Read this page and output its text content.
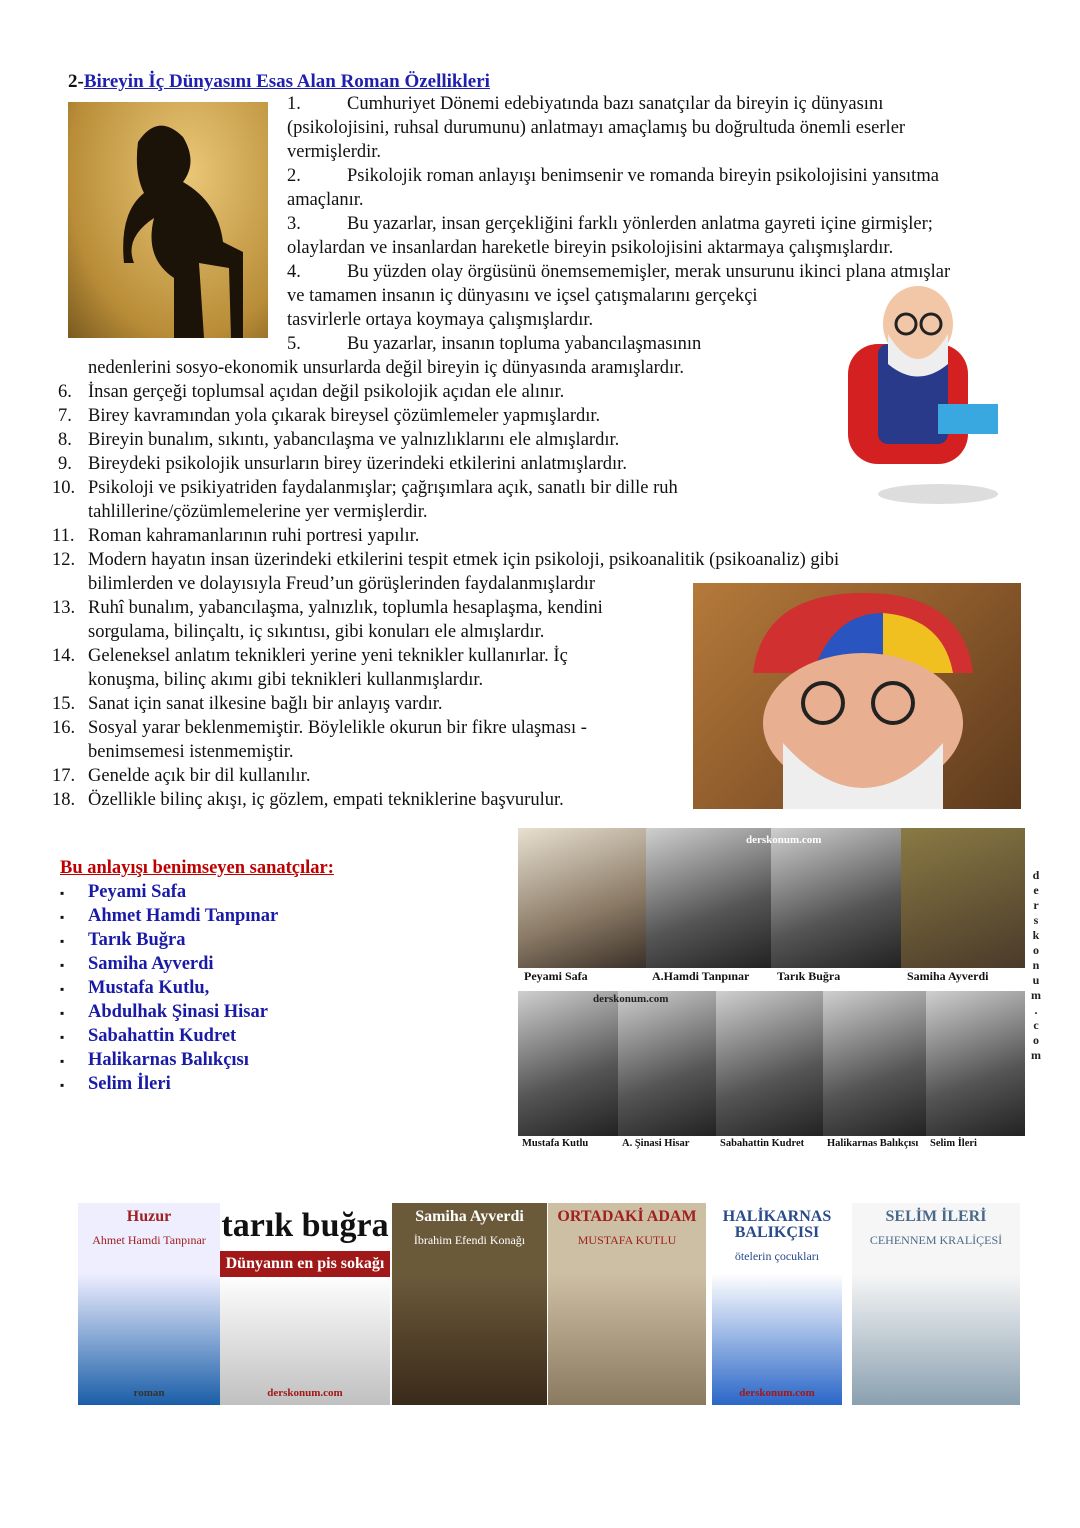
2-Bireyin İç Dünyasını Esas Alan Roman Özellikleri
1. Cumhuriyet Dönemi edebiyatında bazı sanatçılar da bireyin iç dünyasını
(psikolojisini, ruhsal durumunu) anlatmayı amaçlamış bu doğrultuda önemli eserler
vermişlerdir.
2. Psikolojik roman anlayışı benimsenir ve romanda bireyin psikolojisini yansıtma
amaçlanır.
3. Bu yazarlar, insan gerçekliğini farklı yönlerden anlatma gayreti içine girmişler;
olaylardan ve insanlardan hareketle bireyin psikolojisini aktarmaya çalışmışlardır.
4. Bu yüzden olay örgüsünü önemsememişler, merak unsurunu ikinci plana atmışlar
ve tamamen insanın iç dünyasını ve içsel çatışmalarını gerçekçi
tasvirlerle ortaya koymaya çalışmışlardır.
5. Bu yazarlar, insanın topluma yabancılaşmasının
nedenlerini sosyo-ekonomik unsurlarda değil bireyin iç dünyasında aramışlardır.
6. İnsan gerçeği toplumsal açıdan değil psikolojik açıdan ele alınır.
7. Birey kavramından yola çıkarak bireysel çözümlemeler yapmışlardır.
8. Bireyin bunalım, sıkıntı, yabancılaşma ve yalnızlıklarını ele almışlardır.
9. Bireydeki psikolojik unsurların birey üzerindeki etkilerini anlatmışlardır.
10. Psikoloji ve psikiyatriden faydalanmışlar; çağrışımlara açık, sanatlı bir dille ruh
tahlillerine/çözümlemelerine yer vermişlerdir.
11. Roman kahramanlarının ruhi portresi yapılır.
12. Modern hayatın insan üzerindeki etkilerini tespit etmek için psikoloji, psikoanalitik (psikoanaliz) gibi
bilimlerden ve dolayısıyla Freud’un görüşlerinden faydalanmışlardır
13. Ruhî bunalım, yabancılaşma, yalnızlık, toplumla hesaplaşma, kendini
sorgulama, bilinçaltı, iç sıkıntısı, gibi konuları ele almışlardır.
14. Geleneksel anlatım teknikleri yerine yeni teknikler kullanırlar. İç
konuşma, bilinç akımı gibi teknikleri kullanmışlardır.
15. Sanat için sanat ilkesine bağlı bir anlayış vardır.
16. Sosyal yarar beklenmemiştir. Böylelikle okurun bir fikre ulaşması -
benimsemesi istenmemiştir.
17. Genelde açık bir dil kullanılır.
18. Özellikle bilinç akışı, iç gözlem, empati tekniklerine başvurulur.
Bu anlayışı benimseyen sanatçılar:
▪ Peyami Safa
▪ Ahmet Hamdi Tanpınar
▪ Tarık Buğra
▪ Samiha Ayverdi
▪ Mustafa Kutlu,
▪ Abdulhak Şinasi Hisar
▪ Sabahattin Kudret
▪ Halikarnas Balıkçısı
▪ Selim İleri
Peyami Safa	A.Hamdi Tanpınar Tarık Buğra	Samiha Ayverdi
Mustafa Kutlu	A. Şinasi Hisar	Sabahattin Kudret Halikarnas Balıkçısı Selim İleri
derskonum.com
derskonum.com
d
e
r
s
k
o
n
u
m
.
c
o
m
Huzur
Ahmet Hamdi Tanpınar
roman
tarık buğra
Dünyanın en pis sokağı
derskonum.com
Samiha Ayverdi
İbrahim Efendi Konağı
ORTADAKİ ADAM
MUSTAFA KUTLU
HALİKARNAS BALIKÇISI
ötelerin çocukları
derskonum.com
SELİM İLERİ
CEHENNEM KRALİÇESİ
